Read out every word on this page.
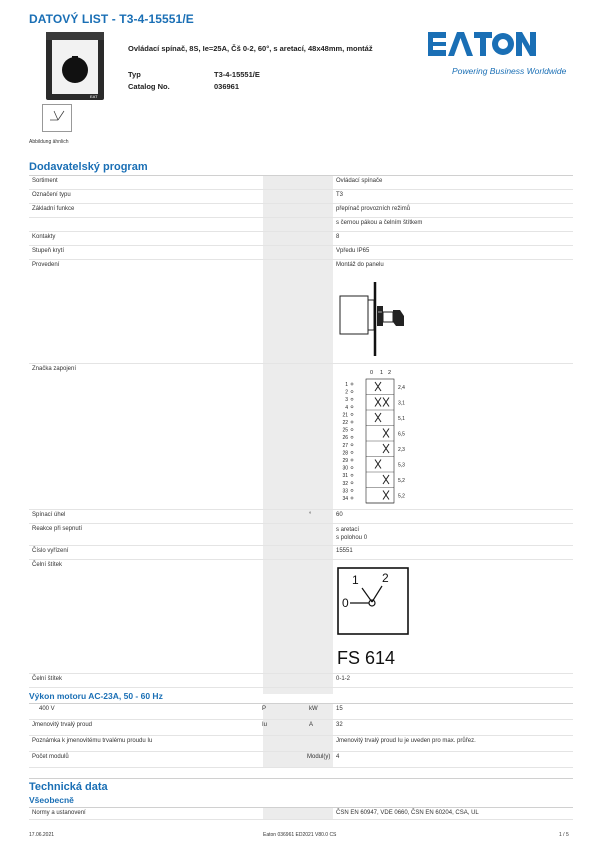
DATOVÝ LIST - T3-4-15551/E
EAT
Abbildung ähnlich
Ovládací spínač, 8S, Ie=25A, Čš 0-2, 60°, s aretací, 48x48mm, montáž
Typ	T3-4-15551/E
Catalog No.	036961
Powering Business Worldwide
Dodavatelský program
Sortiment	Ovládací spínače
Označení typu	T3
Základní funkce	přepínač provozních režimů
s černou pákou a čelním štítkem
Kontakty	8
Stupeň krytí	Vpředu IP65
Provedení	Montáž do panelu
Značka zapojení
0 1 2
1
2
3
4
21
22
25
26
27
28
29
30
31
32
33
34
2,4
3,1
5,1
6,5
2,3
5,3
5,2
5,2
Spínací úhel	°	60
Reakce při sepnutí	s aretací
s polohou 0
Číslo vyřízení	15551
Čelní štítek
1 2
0
FS 614
Čelní štítek	0-1-2
Výkon motoru AC-23A, 50 - 60 Hz
400 V	P	kW	15
Jmenovitý trvalý proud	Iu	A	32
Poznámka k jmenovitému trvalému proudu Iu	Jmenovitý trvalý proud Iu je uveden pro max. průřez.
Počet modulů	Modul(y) 4
Technická data
Všeobecně
Normy a ustanovení	ČSN EN 60947, VDE 0660, ČSN EN 60204, CSA, UL
17.06.2021	Eaton 036961 ED2021 V80.0 CS	1 / 5
